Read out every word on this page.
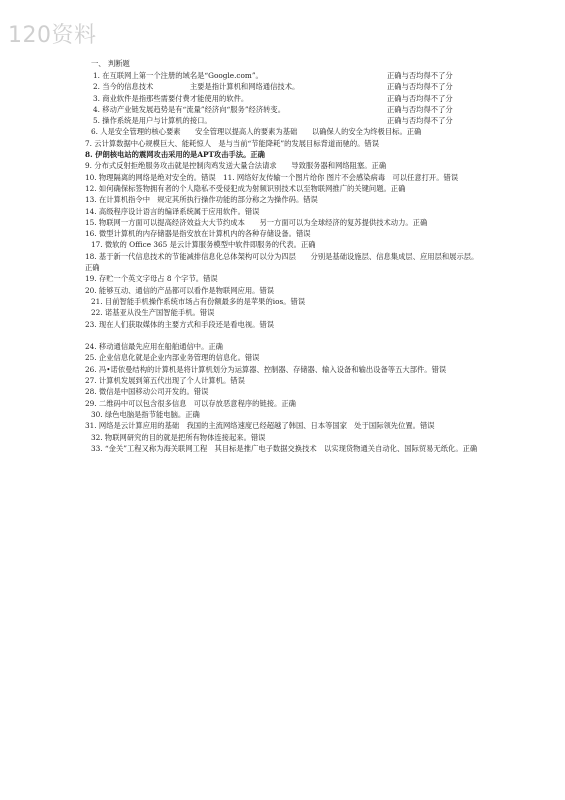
120资料
一、 判断题
1. 在互联网上第一个注册的域名是“Google.com”。	正确与否均得不了分
2. 当今的信息技术　　　　　主要是指计算机和网络通信技术。	正确与否均得不了分
3. 商业软件是指那些需要付费才能使用的软件。	正确与否均得不了分
4. 移动产业链发展趋势是有“流量”经济向“服务”经济转变。	正确与否均得不了分
5. 操作系统是用户与计算机的接口。	正确与否均得不了分

6. 人是安全管理的核心要素　　安全管理以提高人的要素为基础　　以确保人的安全为终极目标。正确

7. 云计算数据中心规模巨大、能耗惊人　是与当前“节能降耗”的发展目标背道而驰的。错误

8. 伊朗核电站的震网攻击采用的是APT攻击手法。正确

9. 分布式反射拒绝服务攻击就是控制肉鸡发送大量合法请求　　导致服务器和网络阻塞。正确

10. 物理隔离的网络是绝对安全的。错误　11. 网络好友传输一个图片给你 图片不会感染病毒　可以任意打开。错误

12. 如何确保标签物拥有者的个人隐私不受侵犯成为射频识别技术以至物联网推广的关键问题。正确

13. 在计算机指令中　规定其所执行操作功能的部分称之为操作码。错误

14. 高级程序设计语言的编译系统属于应用软件。错误

15. 物联网一方面可以提高经济效益大大节约成本　　另一方面可以为全球经济的复苏提供技术动力。正确

16. 微型计算机的内存储器是指安放在计算机内的各种存储设备。错误

17. 微软的 Office 365 是云计算服务模型中软件即服务的代表。正确

18. 基于新一代信息技术的节能减排信息化总体架构可以分为四层　　分别是基础设施层、信息集成层、应用层和展示层。正确

19. 存贮一个英文字母占 8 个字节。错误

20. 能够互动、通信的产品都可以看作是物联网应用。错误

21. 目前智能手机操作系统市场占有份额最多的是苹果的ios。错误

22. 诺基亚从没生产国智能手机。错误

23. 现在人们获取媒体的主要方式和手段还是看电视。错误

24. 移动通信最先应用在船舶通信中。正确

25. 企业信息化就是企业内部业务管理的信息化。错误

26. 冯•诺依曼结构的计算机是将计算机划分为运算器、控制器、存储器、输入设备和输出设备等五大部件。错误

27. 计算机发展到第五代出现了个人计算机。错误

28. 微信是中国移动公司开发的。错误

29. 二维码中可以包含很多信息　可以存放恶意程序的链接。正确

30. 绿色电脑是指节能电脑。正确

31. 网络是云计算应用的基础　我国的主流网络速度已经超越了韩国、日本等国家　处于国际领先位置。错误

32. 物联网研究的目的就是把所有物体连接起来。错误

33. “金关”工程又称为海关联网工程　其目标是推广电子数据交换技术　以实现货物通关自动化、国际贸易无纸化。正确
